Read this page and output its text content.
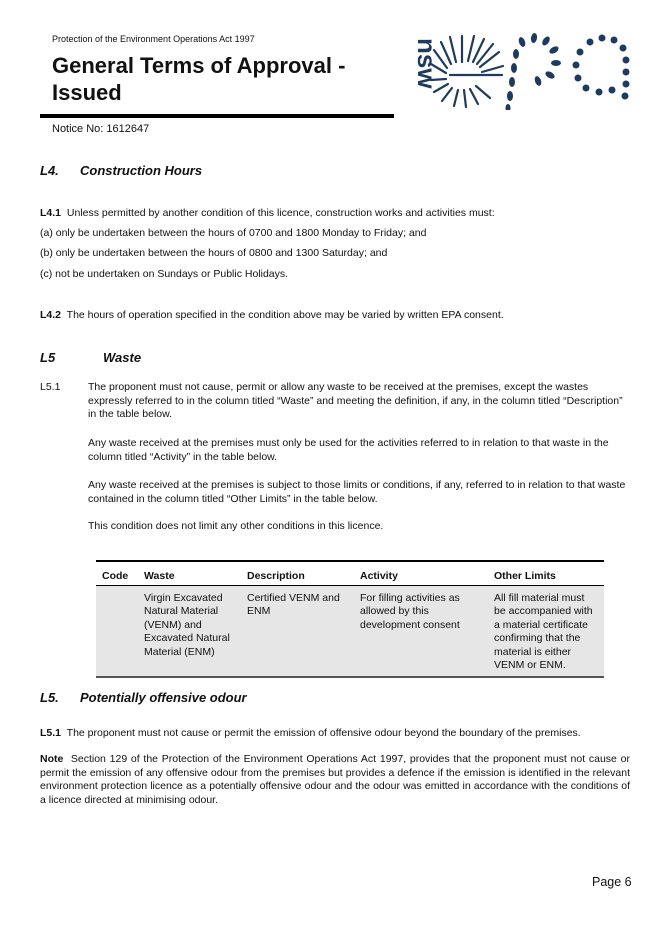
Protection of the Environment Operations Act 1997
General Terms of Approval - Issued
Notice No: 1612647
nsw
L4. Construction Hours
L4.1 Unless permitted by another condition of this licence, construction works and activities must:
(a) only be undertaken between the hours of 0700 and 1800 Monday to Friday; and
(b) only be undertaken between the hours of 0800 and 1300 Saturday; and
(c) not be undertaken on Sundays or Public Holidays.
L4.2 The hours of operation specified in the condition above may be varied by written EPA consent.
L5	Waste
L5.1	The proponent must not cause, permit or allow any waste to be received at the premises, except the wastes expressly referred to in the column titled “Waste” and meeting the definition, if any, in the column titled “Description” in the table below.
Any waste received at the premises must only be used for the activities referred to in relation to that waste in the column titled “Activity” in the table below.
Any waste received at the premises is subject to those limits or conditions, if any, referred to in relation to that waste contained in the column titled “Other Limits” in the table below.
This condition does not limit any other conditions in this licence.
Code	Waste	Description	Activity	Other Limits
	Virgin Excavated Natural Material (VENM) and Excavated Natural Material (ENM)	Certified VENM and ENM	For filling activities as allowed by this development consent	All fill material must be accompanied with a material certificate confirming that the material is either VENM or ENM.
L5. Potentially offensive odour
L5.1 The proponent must not cause or permit the emission of offensive odour beyond the boundary of the premises.
Note Section 129 of the Protection of the Environment Operations Act 1997, provides that the proponent must not cause or permit the emission of any offensive odour from the premises but provides a defence if the emission is identified in the relevant environment protection licence as a potentially offensive odour and the odour was emitted in accordance with the conditions of a licence directed at minimising odour.
Page 6
